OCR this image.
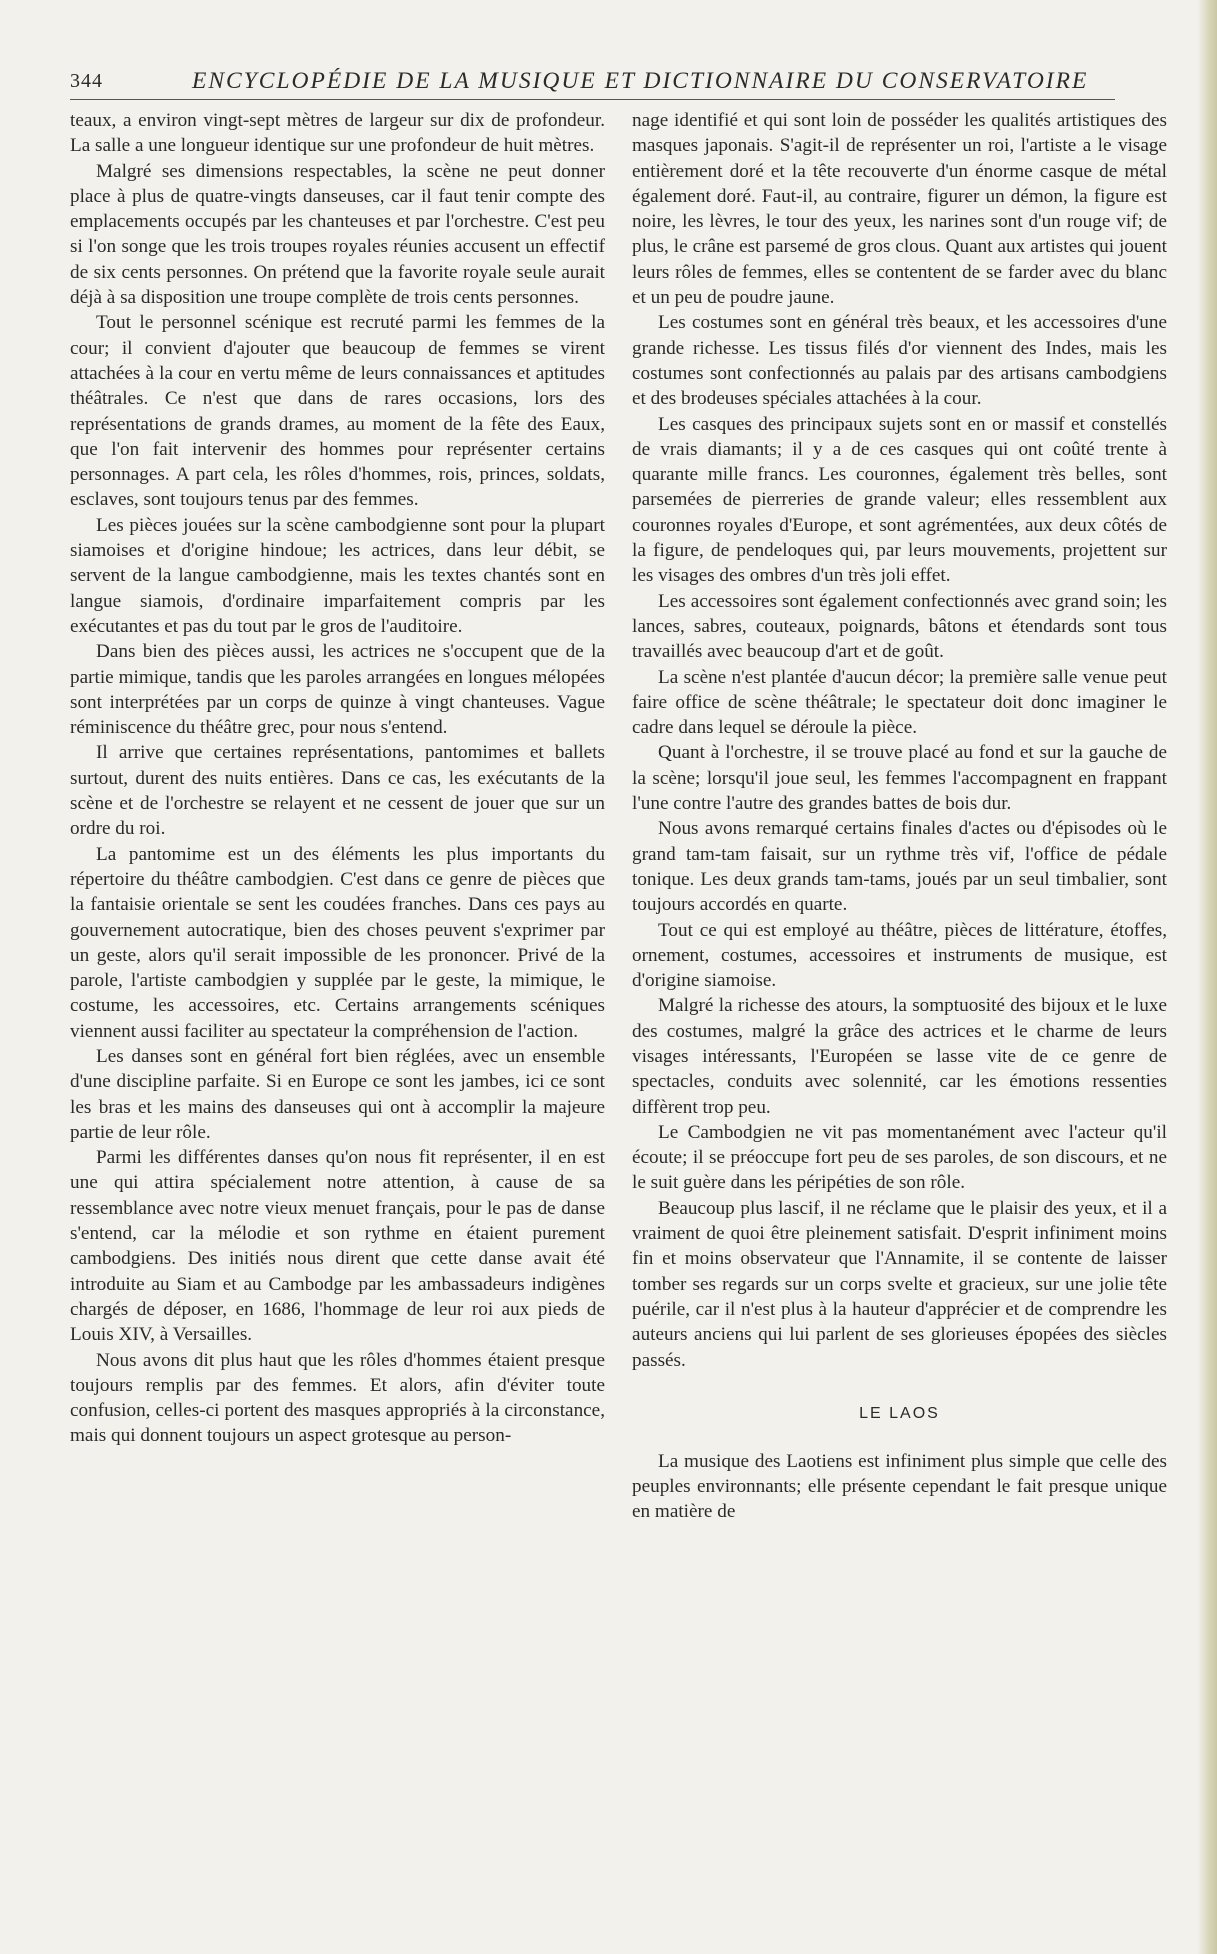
344	ENCYCLOPÉDIE DE LA MUSIQUE ET DICTIONNAIRE DU CONSERVATOIRE

teaux, a environ vingt-sept mètres de largeur sur dix de profondeur. La salle a une longueur identique sur une profondeur de huit mètres.

Malgré ses dimensions respectables, la scène ne peut donner place à plus de quatre-vingts danseuses, car il faut tenir compte des emplacements occupés par les chanteuses et par l'orchestre. C'est peu si l'on songe que les trois troupes royales réunies accusent un effectif de six cents personnes. On prétend que la favorite royale seule aurait déjà à sa disposition une troupe complète de trois cents personnes.

Tout le personnel scénique est recruté parmi les femmes de la cour; il convient d'ajouter que beaucoup de femmes se virent attachées à la cour en vertu même de leurs connaissances et aptitudes théâtrales. Ce n'est que dans de rares occasions, lors des représentations de grands drames, au moment de la fête des Eaux, que l'on fait intervenir des hommes pour représenter certains personnages. A part cela, les rôles d'hommes, rois, princes, soldats, esclaves, sont toujours tenus par des femmes.

Les pièces jouées sur la scène cambodgienne sont pour la plupart siamoises et d'origine hindoue; les actrices, dans leur débit, se servent de la langue cambodgienne, mais les textes chantés sont en langue siamois, d'ordinaire imparfaitement compris par les exécutantes et pas du tout par le gros de l'auditoire.

Dans bien des pièces aussi, les actrices ne s'occupent que de la partie mimique, tandis que les paroles arrangées en longues mélopées sont interprétées par un corps de quinze à vingt chanteuses. Vague réminiscence du théâtre grec, pour nous s'entend.

Il arrive que certaines représentations, pantomimes et ballets surtout, durent des nuits entières. Dans ce cas, les exécutants de la scène et de l'orchestre se relayent et ne cessent de jouer que sur un ordre du roi.

La pantomime est un des éléments les plus importants du répertoire du théâtre cambodgien. C'est dans ce genre de pièces que la fantaisie orientale se sent les coudées franches. Dans ces pays au gouvernement autocratique, bien des choses peuvent s'exprimer par un geste, alors qu'il serait impossible de les prononcer. Privé de la parole, l'artiste cambodgien y supplée par le geste, la mimique, le costume, les accessoires, etc. Certains arrangements scéniques viennent aussi faciliter au spectateur la compréhension de l'action.

Les danses sont en général fort bien réglées, avec un ensemble d'une discipline parfaite. Si en Europe ce sont les jambes, ici ce sont les bras et les mains des danseuses qui ont à accomplir la majeure partie de leur rôle.

Parmi les différentes danses qu'on nous fit représenter, il en est une qui attira spécialement notre attention, à cause de sa ressemblance avec notre vieux menuet français, pour le pas de danse s'entend, car la mélodie et son rythme en étaient purement cambodgiens. Des initiés nous dirent que cette danse avait été introduite au Siam et au Cambodge par les ambassadeurs indigènes chargés de déposer, en 1686, l'hommage de leur roi aux pieds de Louis XIV, à Versailles.

Nous avons dit plus haut que les rôles d'hommes étaient presque toujours remplis par des femmes. Et alors, afin d'éviter toute confusion, celles-ci portent des masques appropriés à la circonstance, mais qui donnent toujours un aspect grotesque au person-

nage identifié et qui sont loin de posséder les qualités artistiques des masques japonais. S'agit-il de représenter un roi, l'artiste a le visage entièrement doré et la tête recouverte d'un énorme casque de métal également doré. Faut-il, au contraire, figurer un démon, la figure est noire, les lèvres, le tour des yeux, les narines sont d'un rouge vif; de plus, le crâne est parsemé de gros clous. Quant aux artistes qui jouent leurs rôles de femmes, elles se contentent de se farder avec du blanc et un peu de poudre jaune.

Les costumes sont en général très beaux, et les accessoires d'une grande richesse. Les tissus filés d'or viennent des Indes, mais les costumes sont confectionnés au palais par des artisans cambodgiens et des brodeuses spéciales attachées à la cour.

Les casques des principaux sujets sont en or massif et constellés de vrais diamants; il y a de ces casques qui ont coûté trente à quarante mille francs. Les couronnes, également très belles, sont parsemées de pierreries de grande valeur; elles ressemblent aux couronnes royales d'Europe, et sont agrémentées, aux deux côtés de la figure, de pendeloques qui, par leurs mouvements, projettent sur les visages des ombres d'un très joli effet.

Les accessoires sont également confectionnés avec grand soin; les lances, sabres, couteaux, poignards, bâtons et étendards sont tous travaillés avec beaucoup d'art et de goût.

La scène n'est plantée d'aucun décor; la première salle venue peut faire office de scène théâtrale; le spectateur doit donc imaginer le cadre dans lequel se déroule la pièce.

Quant à l'orchestre, il se trouve placé au fond et sur la gauche de la scène; lorsqu'il joue seul, les femmes l'accompagnent en frappant l'une contre l'autre des grandes battes de bois dur.

Nous avons remarqué certains finales d'actes ou d'épisodes où le grand tam-tam faisait, sur un rythme très vif, l'office de pédale tonique. Les deux grands tam-tams, joués par un seul timbalier, sont toujours accordés en quarte.

Tout ce qui est employé au théâtre, pièces de littérature, étoffes, ornement, costumes, accessoires et instruments de musique, est d'origine siamoise.

Malgré la richesse des atours, la somptuosité des bijoux et le luxe des costumes, malgré la grâce des actrices et le charme de leurs visages intéressants, l'Européen se lasse vite de ce genre de spectacles, conduits avec solennité, car les émotions ressenties diffèrent trop peu.

Le Cambodgien ne vit pas momentanément avec l'acteur qu'il écoute; il se préoccupe fort peu de ses paroles, de son discours, et ne le suit guère dans les péripéties de son rôle.

Beaucoup plus lascif, il ne réclame que le plaisir des yeux, et il a vraiment de quoi être pleinement satisfait. D'esprit infiniment moins fin et moins observateur que l'Annamite, il se contente de laisser tomber ses regards sur un corps svelte et gracieux, sur une jolie tête puérile, car il n'est plus à la hauteur d'apprécier et de comprendre les auteurs anciens qui lui parlent de ses glorieuses épopées des siècles passés.

LE LAOS

La musique des Laotiens est infiniment plus simple que celle des peuples environnants; elle présente cependant le fait presque unique en matière de
